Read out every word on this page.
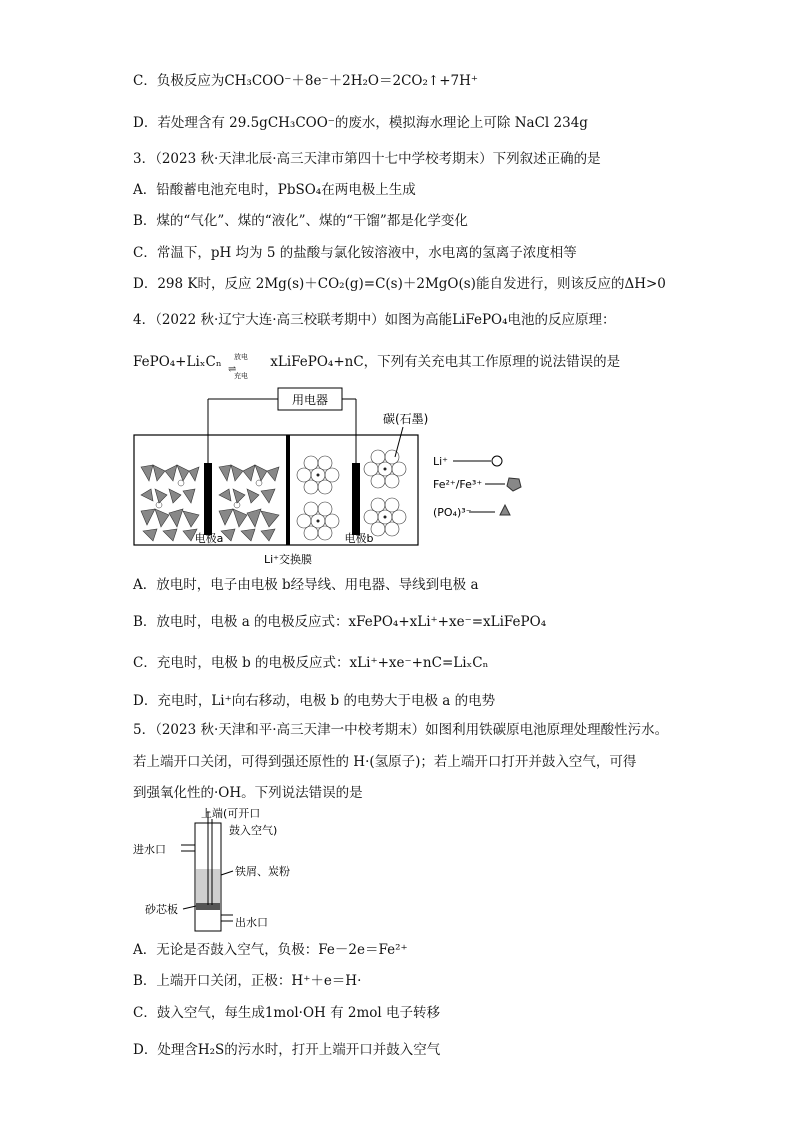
C．负极反应为CH₃COO⁻＋8e⁻＋2H₂O＝2CO₂↑+7H⁺
D．若处理含有 29.5gCH₃COO⁻的废水，模拟海水理论上可除 NaCl 234g
3．（2023 秋·天津北辰·高三天津市第四十七中学校考期末）下列叙述正确的是
A．铅酸蓄电池充电时，PbSO₄在两电极上生成
B．煤的“气化”、煤的“液化”、煤的“干馏”都是化学变化
C．常温下，pH 均为 5 的盐酸与氯化铵溶液中，水电离的氢离子浓度相等
D．298 K时，反应 2Mg(s)＋CO₂(g)=C(s)＋2MgO(s)能自发进行，则该反应的ΔH>0
4．（2022 秋·辽宁大连·高三校联考期中）如图为高能LiFePO₄电池的反应原理：
FePO₄+LiₓCₙ 放电
⇌
充电
xLiFePO₄+nC，下列有关充电其工作原理的说法错误的是
用电器
碳(石墨)
电极a	电极b
Li⁺交换膜
Li⁺
Fe²⁺/Fe³⁺
(PO₄)³⁻
A．放电时，电子由电极 b经导线、用电器、导线到电极 a
B．放电时，电极 a 的电极反应式：xFePO₄+xLi⁺+xe⁻=xLiFePO₄
C．充电时，电极 b 的电极反应式：xLi⁺+xe⁻+nC=LiₓCₙ
D．充电时，Li⁺向右移动，电极 b 的电势大于电极 a 的电势
5．（2023 秋·天津和平·高三天津一中校考期末）如图利用铁碳原电池原理处理酸性污水。
若上端开口关闭，可得到强还原性的 H·(氢原子)；若上端开口打开并鼓入空气，可得
到强氧化性的·OH。下列说法错误的是
上端(可开口
鼓入空气)
进水口
铁屑、炭粉
砂芯板
出水口
A．无论是否鼓入空气，负极：Fe－2e＝Fe²⁺
B．上端开口关闭，正极：H⁺＋e＝H·
C．鼓入空气，每生成1mol·OH 有 2mol 电子转移
D．处理含H₂S的污水时，打开上端开口并鼓入空气
